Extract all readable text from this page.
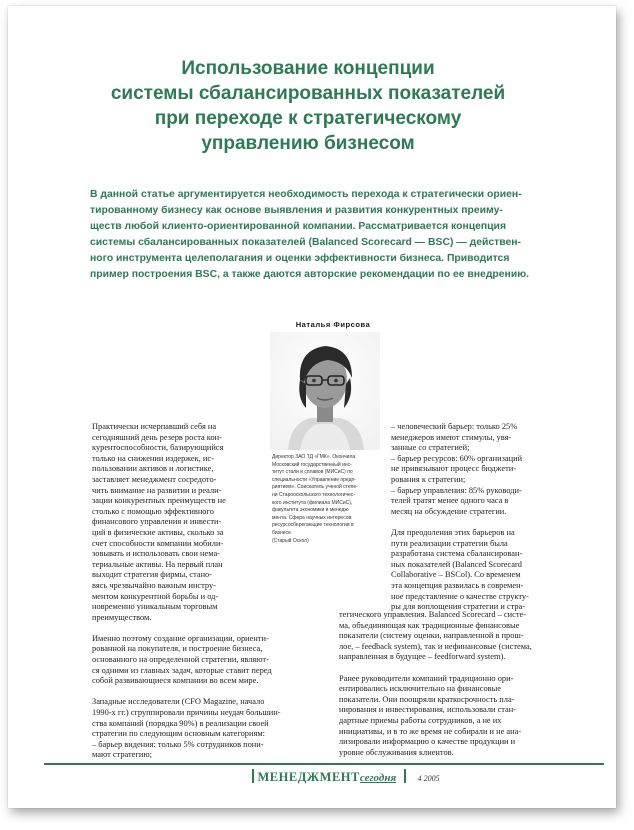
Использование концепции
системы сбалансированных показателей
при переходе к стратегическому
управлению бизнесом
В данной статье аргументируется необходимость перехода к стратегически ориен-
тированному бизнесу как основе выявления и развития конкурентных преиму-
ществ любой клиенто-ориентированной компании. Рассматривается концепция
системы сбалансированных показателей (Balanced Scorecard — BSC) — действен-
ного инструмента целеполагания и оценки эффективности бизнеса. Приводится
пример построения BSC, а также даются авторские рекомендации по ее внедрению.
Наталья Фирсова
Директор ЗАО ТД «ГМК». Окончила
Московский государственный инс-
титут стали и сплавов (МИСиС) по
специальности «Управление предп-
риятием». Соискатель ученой степе-
ни Старооскольского технологичес-
кого института (филиала МИСиС),
факультета экономики и менедж-
мента. Сфера научных интересов:
ресурсосберегающие технологии в
бизнесе.
(Старый Оскол)
Практически исчерпавший себя на
сегодняшний день резерв роста кон-
курентоспособности, базирующийся
только на снижении издержек, ис-
пользовании активов и логистике,
заставляет менеджмент сосредото-
чить внимание на развитии и реали-
зации конкурентных преимуществ не
столько с помощью эффективного
финансового управления и инвести-
ций в физические активы, сколько за
счет способности компании мобили-
зовывать и использовать свои нема-
териальные активы. На первый план
выходит стратегия фирмы, стано-
вясь чрезвычайно важным инстру-
ментом конкурентной борьбы и од-
новременно уникальным торговым
преимуществом.
Именно поэтому создание организации, ориенти-
рованной на покупателя, и построение бизнеса,
основанного на определенной стратегии, являют-
ся одними из главных задач, которые ставит перед
собой развивающиеся компании во всем мире.
Западные исследователи (CFO Magazine, начало
1990-х гг.) сгруппировали причины неудач большин-
ства компаний (порядка 90%) в реализации своей
стратегии по следующим основным категориям:
– барьер видения: только 5% сотрудников пони-
мают стратегию;
– человеческий барьер: только 25%
менеджеров имеют стимулы, увя-
занные со стратегией;
– барьер ресурсов: 60% организаций
не привязывают процесс бюджети-
рования к стратегии;
– барьер управления: 85% руководи-
телей тратят менее одного часа в
месяц на обсуждение стратегии.
Для преодоления этих барьеров на
пути реализации стратегии была
разработана система сбалансирован-
ных показателей (Balanced Scorecard
Collaborative – BSCol). Со временем
эта концепция развилась в современ-
ное представление о качестве структу-
ры для воплощения стратегии и стра-
тегического управления. Balanced Scorecard – систе-
ма, объединяющая как традиционные финансовые
показатели (систему оценки, направленной в прош-
лое, – feedback system), так и нефинансовые (система,
направленная в будущее – feedforward system).
Ранее руководители компаний традиционно ори-
ентировались исключительно на финансовые
показатели. Они поощряли краткосрочность пла-
нирования и инвестирования, использовали стан-
дартные приемы работы сотрудников, а не их
инициативы, и в то же время не собирали и не ана-
лизировали информацию о качестве продукции и
уровне обслуживания клиентов.
МЕНЕДЖМЕНТсегодня	4 2005
